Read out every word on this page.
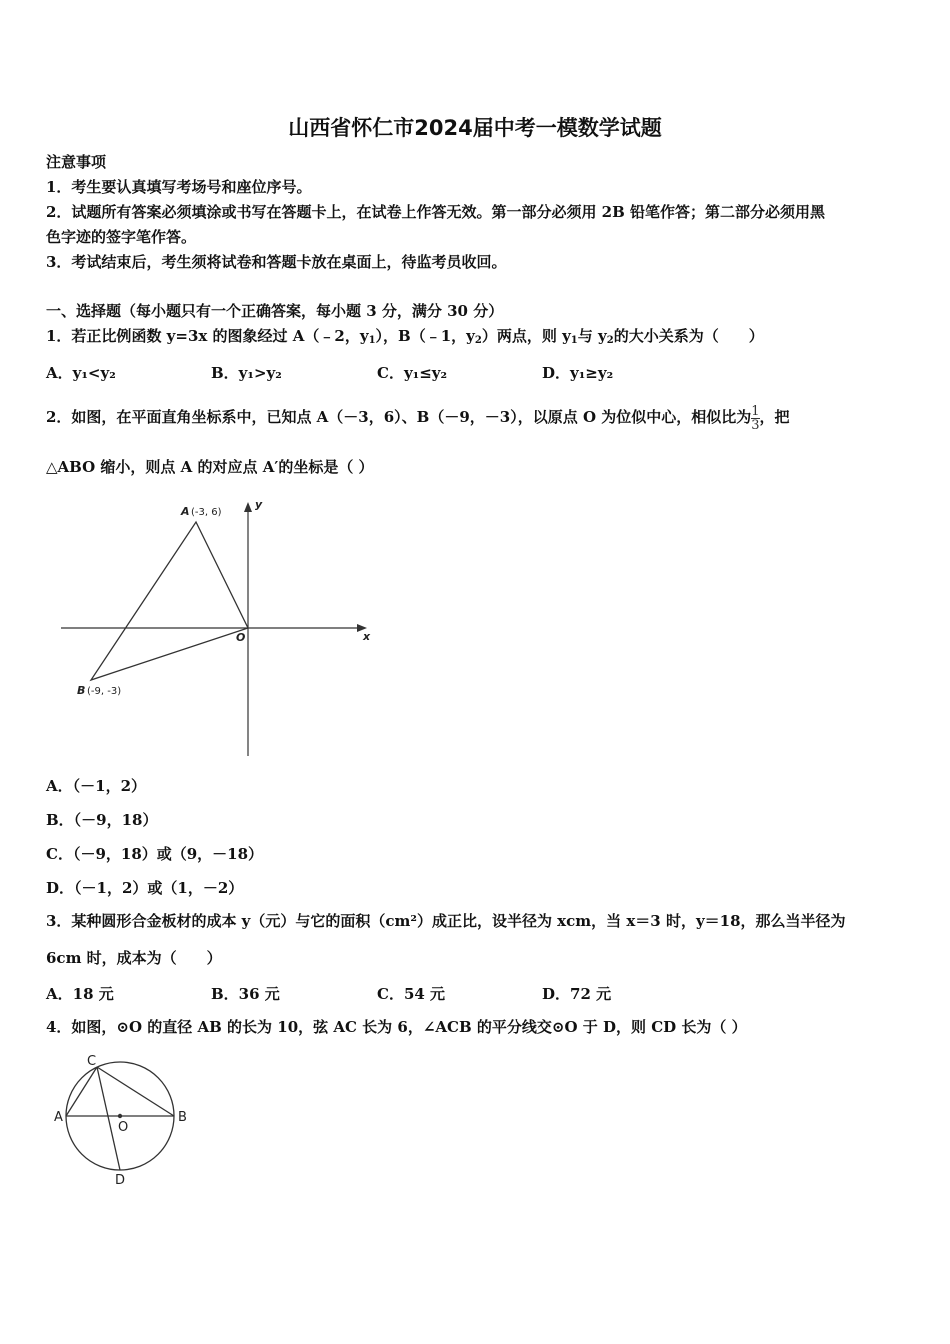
山西省怀仁市2024届中考一模数学试题
注意事项
1．考生要认真填写考场号和座位序号。
2．试题所有答案必须填涂或书写在答题卡上，在试卷上作答无效。第一部分必须用 2B 铅笔作答；第二部分必须用黑
色字迹的签字笔作答。
3．考试结束后，考生须将试卷和答题卡放在桌面上，待监考员收回。
一、选择题（每小题只有一个正确答案，每小题 3 分，满分 30 分）
1．若正比例函数 y=3x 的图象经过 A（﹣2，$y_1$），B（﹣1，$y_2$）两点，则 $y_1$与 $y_2$的大小关系为（　　）
A．y₁<y₂	B．y₁>y₂	C．y₁≤y₂	D．y₁≥y₂
2．如图，在平面直角坐标系中，已知点 A（－3，6）、B（－9，－3），以原点 O 为位似中心，相似比为 $\frac{1}{3}$ ，把
△ABO 缩小，则点 A 的对应点 A′的坐标是（ ）
A (-3, 6)
B (-9, -3)
O	x
y
A．（－1，2）
B．（－9，18）
C．（－9，18）或（9，－18）
D．（－1，2）或（1，－2）
3．某种圆形合金板材的成本 y（元）与它的面积（cm²）成正比，设半径为 xcm，当 x＝3 时，y＝18，那么当半径为
6cm 时，成本为（　　）
A．18 元	B．36 元	C．54 元	D．72 元
4．如图，⊙O 的直径 AB 的长为 10，弦 AC 长为 6，∠ACB 的平分线交⊙O 于 D，则 CD 长为（ ）
A	B
C
D
O
